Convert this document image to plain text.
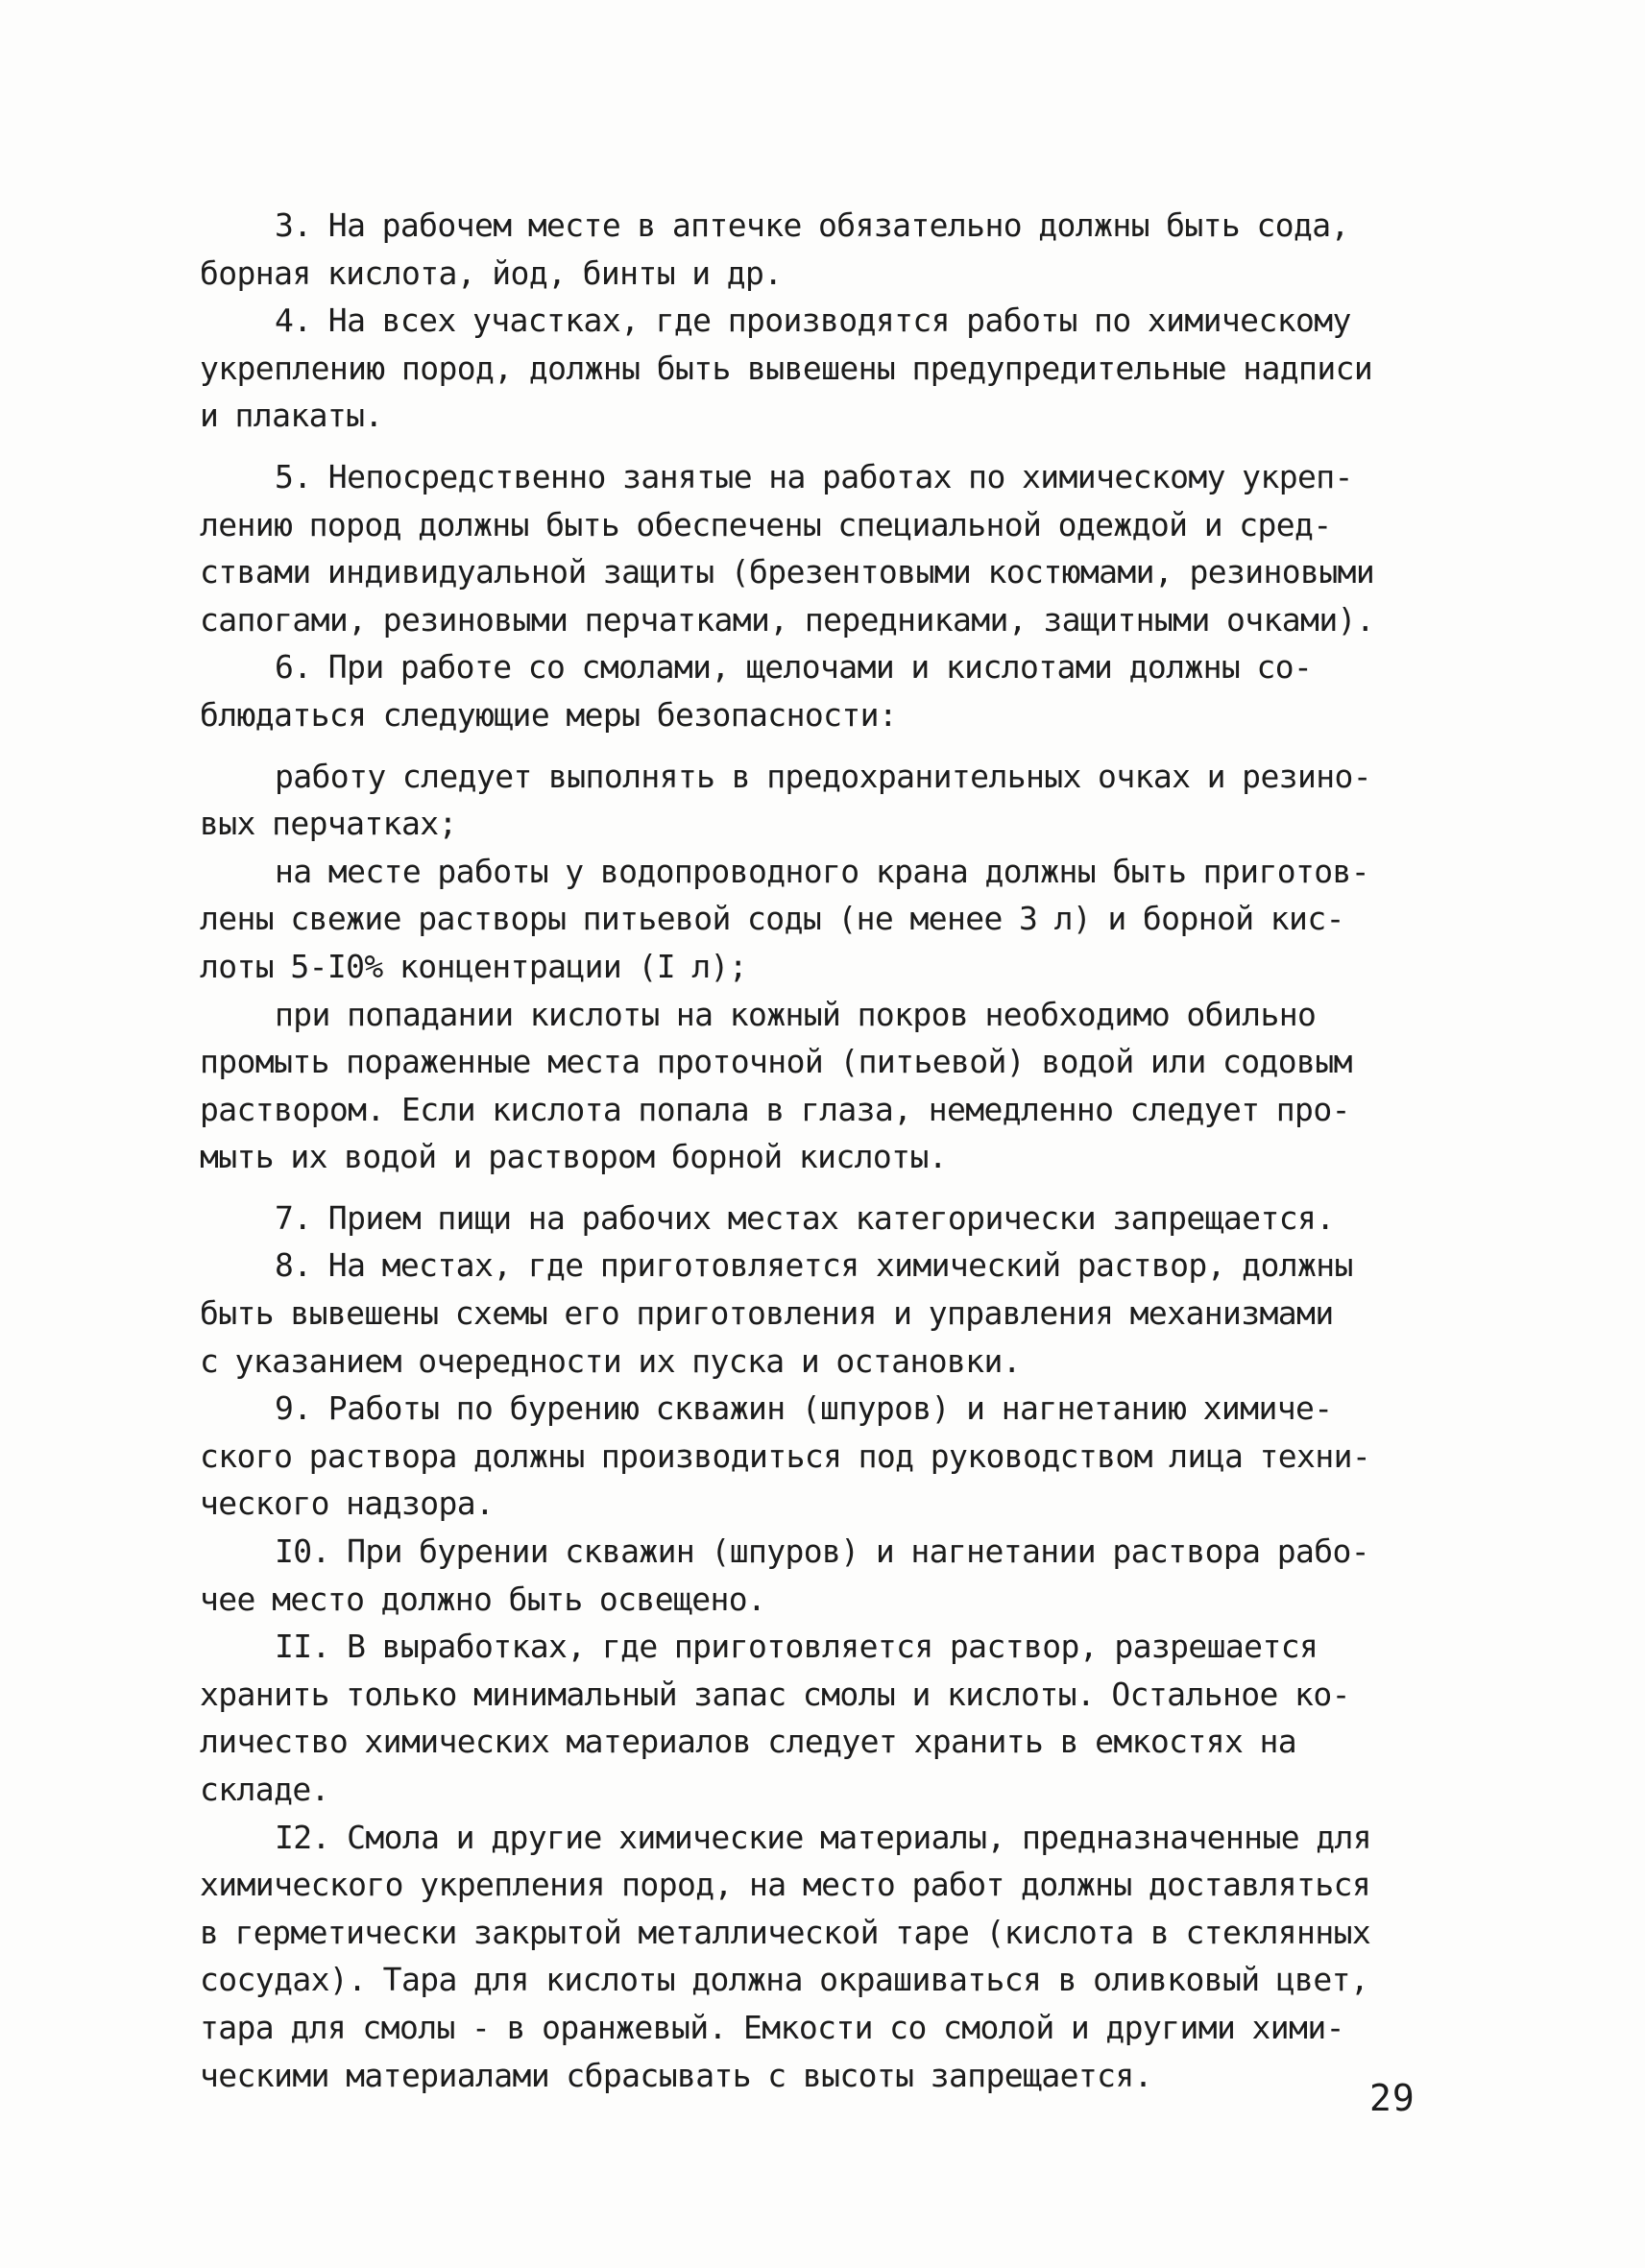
3. На рабочем месте в аптечке обязательно должны быть сода,
борная кислота, йод, бинты и др.
4. На всех участках, где производятся работы по химическому
укреплению пород, должны быть вывешены предупредительные надписи
и плакаты.
5. Непосредственно занятые на работах по химическому укреп-
лению пород должны быть обеспечены специальной одеждой и сред-
ствами индивидуальной защиты (брезентовыми костюмами, резиновыми
сапогами, резиновыми перчатками, передниками, защитными очками).
6. При работе со смолами, щелочами и кислотами должны со-
блюдаться следующие меры безопасности:
работу следует выполнять в предохранительных очках и резино-
вых перчатках;
на месте работы у водопроводного крана должны быть приготов-
лены свежие растворы питьевой соды (не менее 3 л) и борной кис-
лоты 5-I0% концентрации (I л);
при попадании кислоты на кожный покров необходимо обильно
промыть пораженные места проточной (питьевой) водой или содовым
раствором. Если кислота попала в глаза, немедленно следует про-
мыть их водой и раствором борной кислоты.
7. Прием пищи на рабочих местах категорически запрещается.
8. На местах, где приготовляется химический раствор, должны
быть вывешены схемы его приготовления и управления механизмами
с указанием очередности их пуска и остановки.
9. Работы по бурению скважин (шпуров) и нагнетанию химиче-
ского раствора должны производиться под руководством лица техни-
ческого надзора.
I0. При бурении скважин (шпуров) и нагнетании раствора рабо-
чее место должно быть освещено.
II. В выработках, где приготовляется раствор, разрешается
хранить только минимальный запас смолы и кислоты. Остальное ко-
личество химических материалов следует хранить в емкостях на
складе.
I2. Смола и другие химические материалы, предназначенные для
химического укрепления пород, на место работ должны доставляться
в герметически закрытой металлической таре (кислота в стеклянных
сосудах). Тара для кислоты должна окрашиваться в оливковый цвет,
тара для смолы - в оранжевый. Емкости со смолой и другими хими-
ческими материалами сбрасывать с высоты запрещается.
29
